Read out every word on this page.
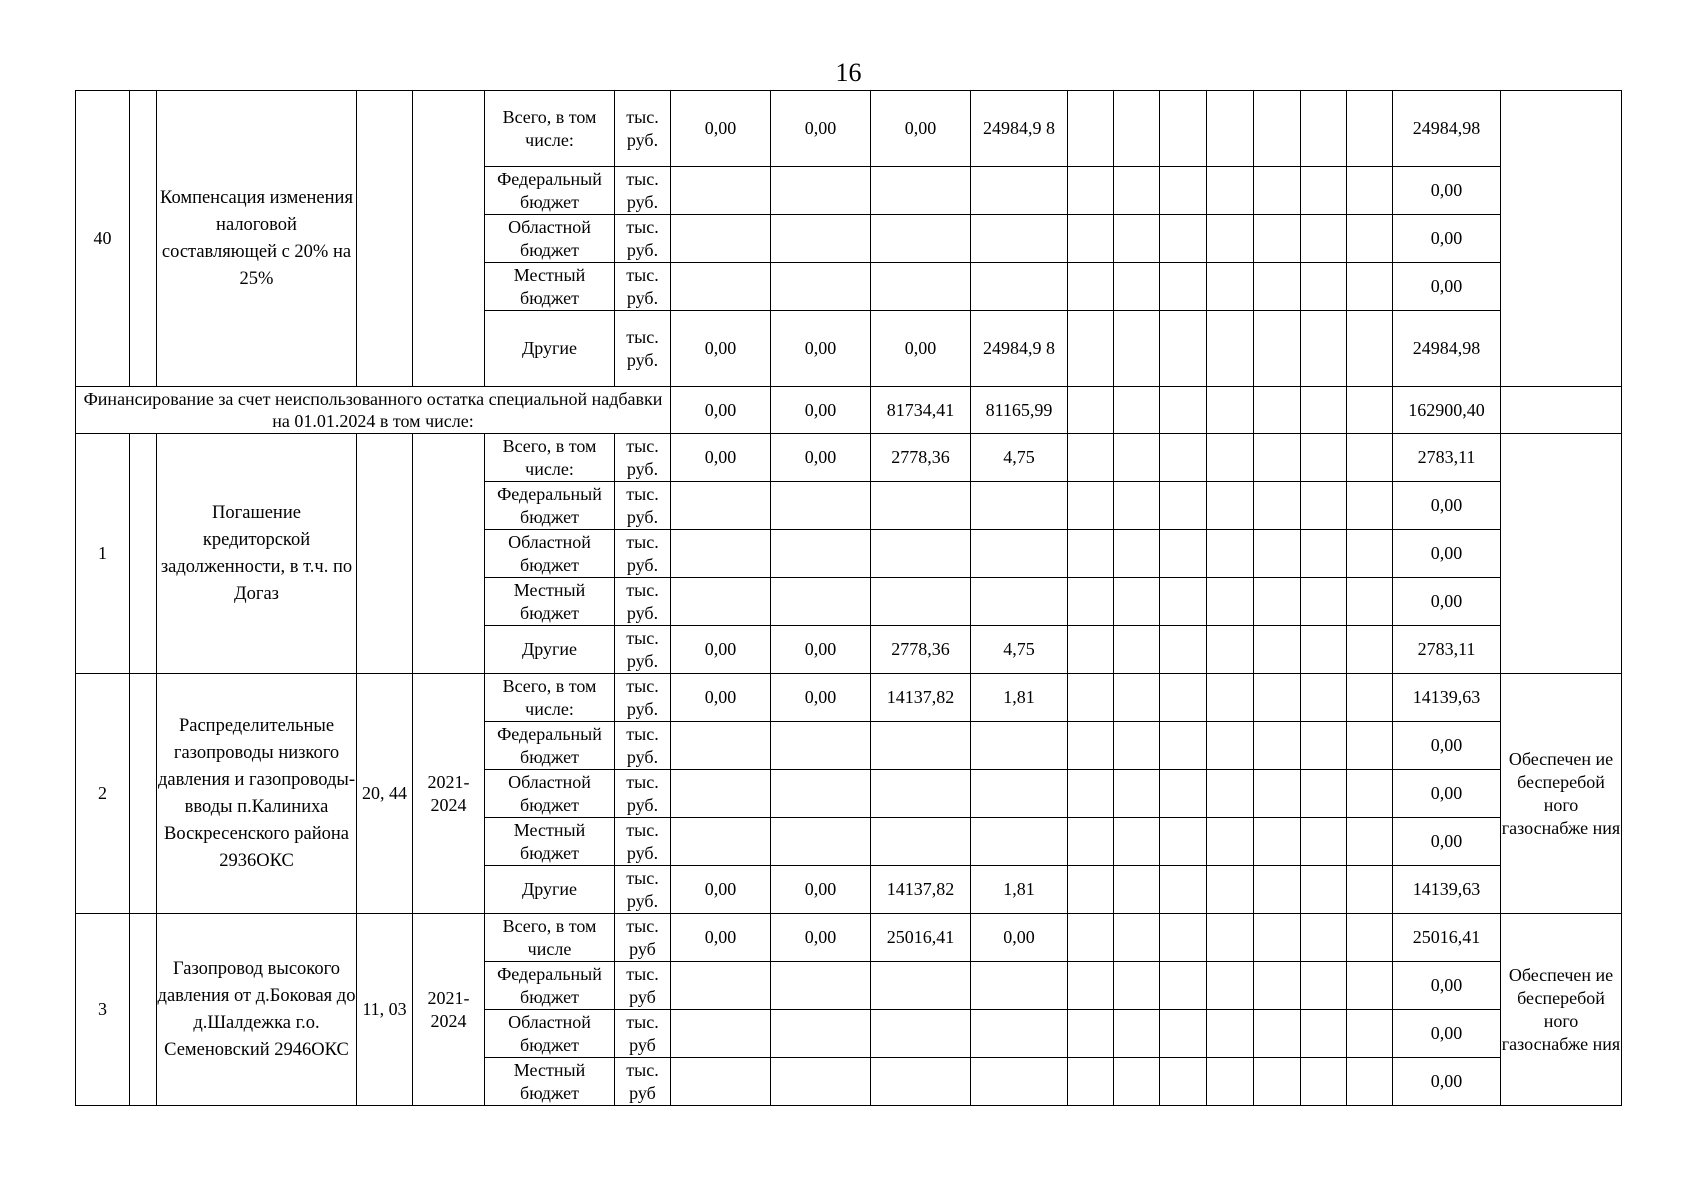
16
40		Компенсация изменения налоговой составляющей с 20% на 25%			Всего, в том числе:	тыс. руб.	0,00	0,00	0,00	24984,9 8								24984,98	
					Федеральный бюджет	тыс. руб.												0,00	
					Областной бюджет	тыс. руб.												0,00	
					Местный бюджет	тыс. руб.												0,00	
					Другие	тыс. руб.	0,00	0,00	0,00	24984,9 8								24984,98	
Финансирование за счет неиспользованного остатка специальной надбавки на 01.01.2024 в том числе:							0,00	0,00	81734,41	81165,99								162900,40	
1		Погашение кредиторской задолженности, в т.ч. по Догаз			Всего, в том числе:	тыс. руб.	0,00	0,00	2778,36	4,75								2783,11	
					Федеральный бюджет	тыс. руб.												0,00	
					Областной бюджет	тыс. руб.												0,00	
					Местный бюджет	тыс. руб.												0,00	
					Другие	тыс. руб.	0,00	0,00	2778,36	4,75								2783,11	
2		Распределительные газопроводы низкого давления и газопроводы-вводы п.Калиниха Воскресенского района 2936ОКС	20, 44	2021- 2024	Всего, в том числе:	тыс. руб.	0,00	0,00	14137,82	1,81								14139,63	Обеспечен ие бесперебой ного газоснабже ния
					Федеральный бюджет	тыс. руб.												0,00	
					Областной бюджет	тыс. руб.												0,00	
					Местный бюджет	тыс. руб.												0,00	
					Другие	тыс. руб.	0,00	0,00	14137,82	1,81								14139,63	
3		Газопровод высокого давления от д.Боковая до д.Шалдежка г.о. Семеновский 2946ОКС	11, 03	2021- 2024	Всего, в том числе	тыс. руб	0,00	0,00	25016,41	0,00								25016,41	Обеспечен ие бесперебой ного газоснабже ния
					Федеральный бюджет	тыс. руб												0,00	
					Областной бюджет	тыс. руб												0,00	
					Местный бюджет	тыс. руб												0,00	
